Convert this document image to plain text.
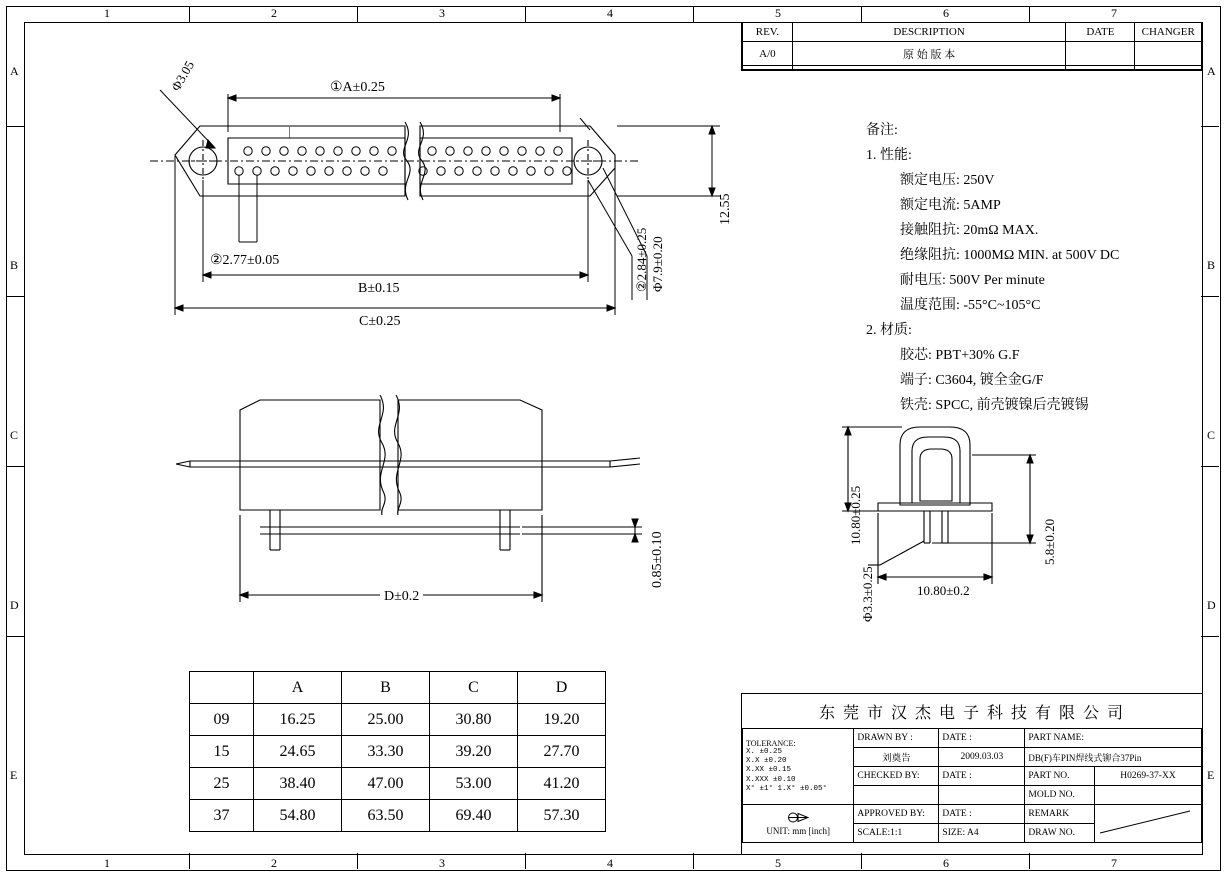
1	2	3	4	5	6	7
1	2	3	4	5	6	7
A
B
C
D
E
A
B
C
D
E
REV.	DESCRIPTION	DATE	CHANGER
A/0	原 始 版 本		

备注:
1. 性能:
额定电压: 250V
额定电流: 5AMP
接触阻抗: 20mΩ MAX.
绝缘阻抗: 1000MΩ MIN. at 500V DC
耐电压: 500V Per minute
温度范围: -55°C~105°C
2. 材质:
胶芯: PBT+30% G.F
端子: C3604, 镀全金G/F
铁壳: SPCC, 前壳镀镍后壳镀锡
—
Φ3.05	①A±0.25
12.55
②2.77±0.05
B±0.15
C±0.25
②2.84±0.25 Φ7.9±0.20
0.85±0.10
D±0.2
10.80±0.25	5.8±0.20
Φ3.3±0.25	10.80±0.2
	A	B	C	D
09	16.25	25.00	30.80	19.20
15	24.65	33.30	39.20	27.70
25	38.40	47.00	53.00	41.20
37	54.80	63.50	69.40	57.30
东 莞 市 汉 杰 电 子 科 技 有 限 公 司
TOLERANCE:
X. ±0.25
X.X ±0.20
X.XX ±0.15
X.XXX ±0.10
X° ±1° 1.X° ±0.05°
	DRAWN BY :	DATE :	PART NAME:
	刘奠告	2009.03.03	DB(F)车PIN焊线式铆合37Pin	
	CHECKED BY:	DATE :	PART NO.	H0269-37-XX
			MOLD NO.	

UNIT: mm [inch]	APPROVED BY:	DATE :	REMARK	
	SCALE:1:1	SIZE: A4	DRAW NO.	
